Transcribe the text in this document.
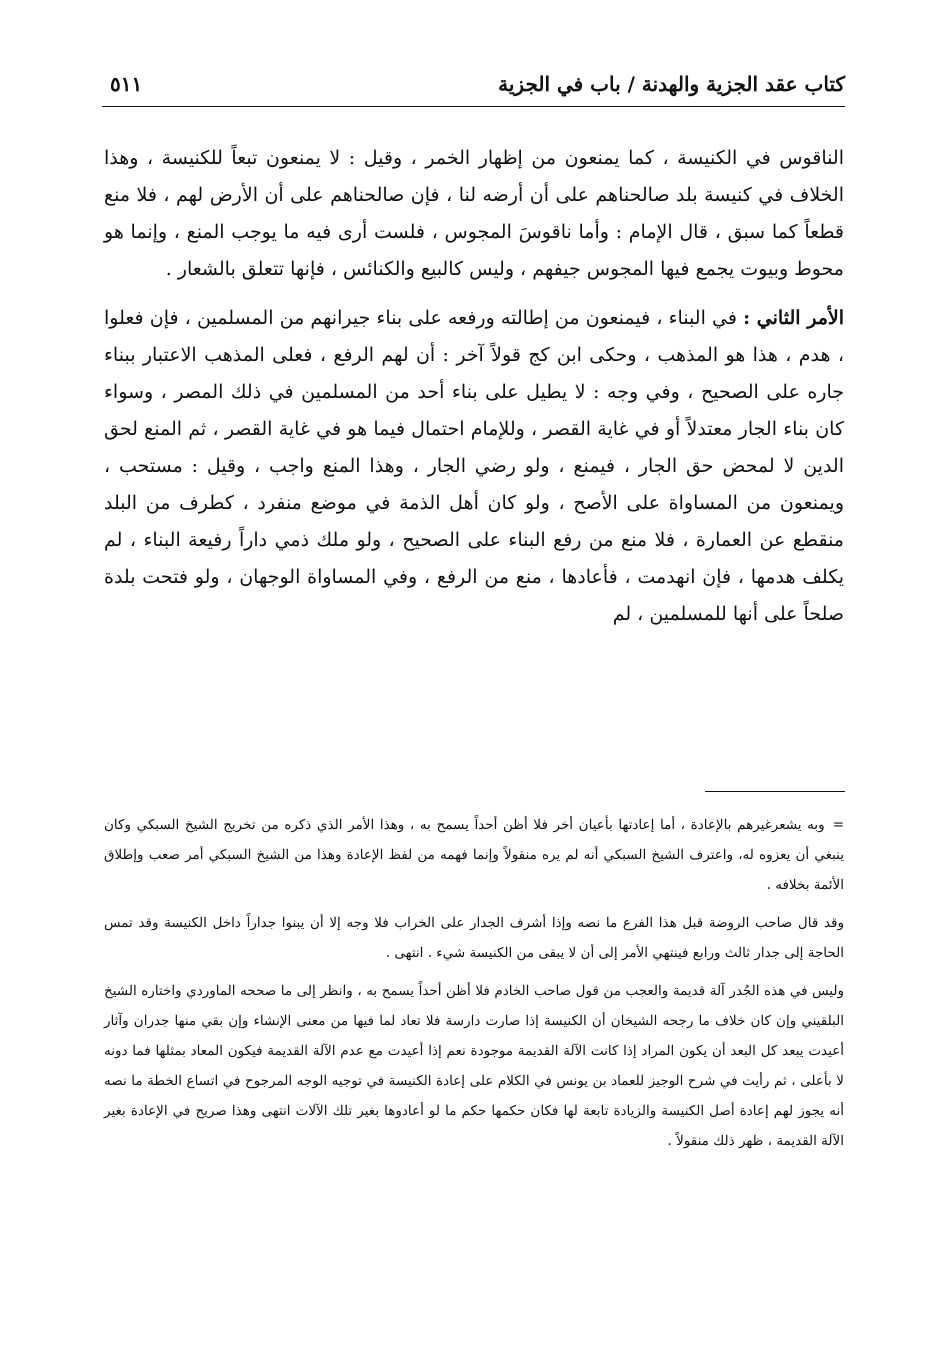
كتاب عقد الجزية والهدنة / باب في الجزية
٥١١

الناقوس في الكنيسة ، كما يمنعون من إظهار الخمر ، وقيل : لا يمنعون تبعاً للكنيسة ، وهذا الخلاف في كنيسة بلد صالحناهم على أن أرضه لنا ، فإن صالحناهم على أن الأرض لهم ، فلا منع قطعاً كما سبق ، قال الإمام : وأما ناقوسَ المجوس ، فلست أرى فيه ما يوجب المنع ، وإنما هو محوط وبيوت يجمع فيها المجوس جيفهم ، وليس كالبيع والكنائس ، فإنها تتعلق بالشعار .

الأمر الثاني : في البناء ، فيمنعون من إطالته ورفعه على بناء جيرانهم من المسلمين ، فإن فعلوا ، هدم ، هذا هو المذهب ، وحكى ابن كج قولاً آخر : أن لهم الرفع ، فعلى المذهب الاعتبار ببناء جاره على الصحيح ، وفي وجه : لا يطيل على بناء أحد من المسلمين في ذلك المصر ، وسواء كان بناء الجار معتدلاً أو في غاية القصر ، وللإمام احتمال فيما هو في غاية القصر ، ثم المنع لحق الدين لا لمحض حق الجار ، فيمنع ، ولو رضي الجار ، وهذا المنع واجب ، وقيل : مستحب ، ويمنعون من المساواة على الأصح ، ولو كان أهل الذمة في موضع منفرد ، كطرف من البلد منقطع عن العمارة ، فلا منع من رفع البناء على الصحيح ، ولو ملك ذمي داراً رفيعة البناء ، لم يكلف هدمها ، فإن انهدمت ، فأعادها ، منع من الرفع ، وفي المساواة الوجهان ، ولو فتحت بلدة صلحاً على أنها للمسلمين ، لم

=وبه يشعرغيرهم بالإعادة ، أما إعادتها بأعيان أخر فلا أظن أحداً يسمح به ، وهذا الأمر الذي ذكره من تخريج الشيخ السبكي وكان ينبغي أن يعزوه له، واعترف الشيخ السبكي أنه لم يره منقولاً وإنما فهمه من لفظ الإعادة وهذا من الشيخ السبكي أمر صعب وإطلاق الأئمة بخلافه .

وقد قال صاحب الروضة قبل هذا الفرع ما نصه وإذا أشرف الجدار على الخراب فلا وجه إلا أن يبنوا جداراً داخل الكنيسة وقد تمس الحاجة إلى جدار ثالث ورابع فينتهي الأمر إلى أن لا يبقى من الكنيسة شيء . انتهى .

وليس في هذه الجُدر آلة قديمة والعجب من قول صاحب الخادم فلا أظن أحداً يسمح به ، وانظر إلى ما صححه الماوردي واختاره الشيخ البلقيني وإن كان خلاف ما رجحه الشيخان أن الكنيسة إذا صارت دارسة فلا تعاد لما فيها من معنى الإنشاء وإن بقي منها جدران وآثار أعيدت يبعد كل البعد أن يكون المراد إذا كانت الآلة القديمة موجودة نعم إذا أعيدت مع عدم الآلة القديمة فيكون المعاد بمثلها فما دونه لا بأعلى ، ثم رأيت في شرح الوجيز للعماد بن يونس في الكلام على إعادة الكنيسة في توجيه الوجه المرجوح في اتساع الخطة ما نصه أنه يجوز لهم إعادة أصل الكنيسة والزيادة تابعة لها فكان حكمها حكم ما لو أعادوها بغير تلك الآلات انتهى وهذا صريح في الإعادة بغير الآلة القديمة ، ظهر ذلك منقولاً .
